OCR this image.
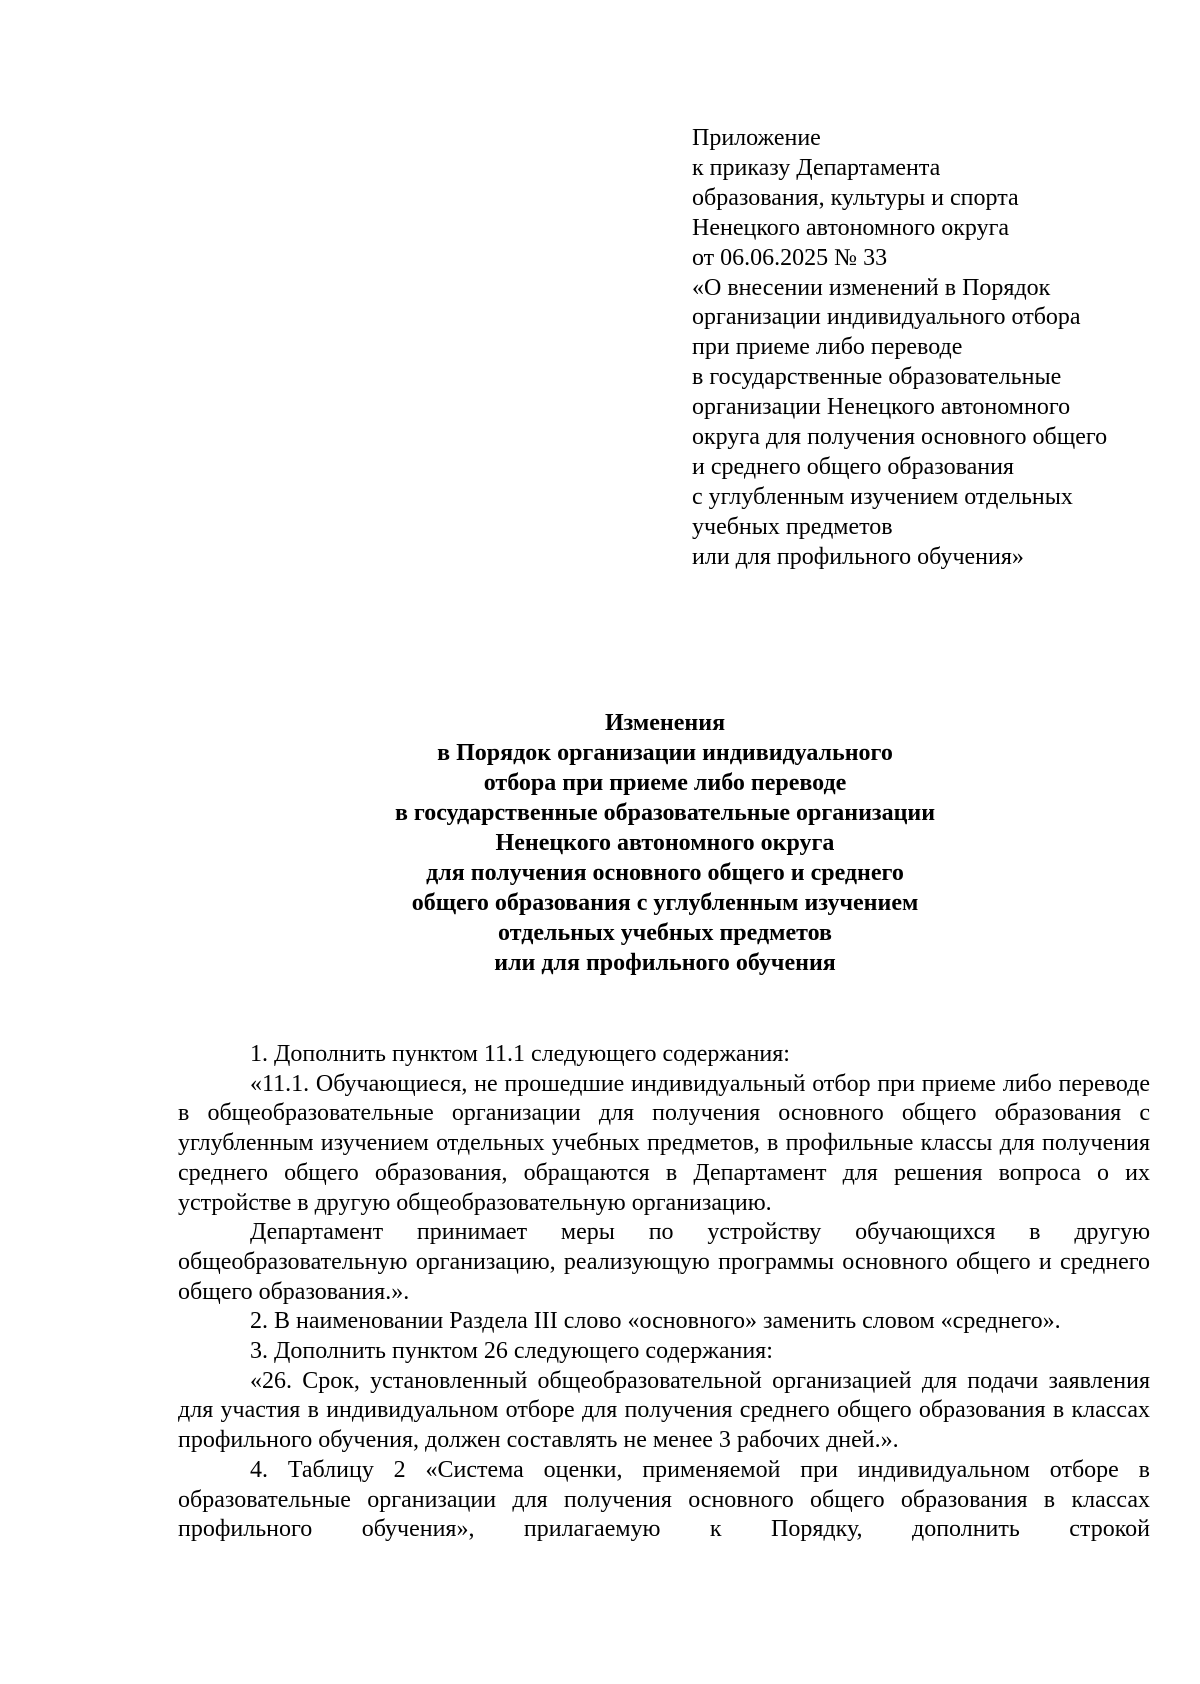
Приложение
к приказу Департамента
образования, культуры и спорта
Ненецкого автономного округа
от 06.06.2025 № 33
«О внесении изменений в Порядок
организации индивидуального отбора
при приеме либо переводе
в государственные образовательные
организации Ненецкого автономного
округа для получения основного общего
и среднего общего образования
с углубленным изучением отдельных
учебных предметов
или для профильного обучения»
Изменения
в Порядок организации индивидуального
отбора при приеме либо переводе
в государственные образовательные организации
Ненецкого автономного округа
для получения основного общего и среднего
общего образования с углубленным изучением
отдельных учебных предметов
или для профильного обучения

1. Дополнить пунктом 11.1 следующего содержания:

«11.1. Обучающиеся, не прошедшие индивидуальный отбор при приеме либо переводе в общеобразовательные организации для получения основного общего образования с углубленным изучением отдельных учебных предметов, в профильные классы для получения среднего общего образования, обращаются в Департамент для решения вопроса о их устройстве в другую общеобразовательную организацию.

Департамент принимает меры по устройству обучающихся в другую общеобразовательную организацию, реализующую программы основного общего и среднего общего образования.».

2. В наименовании Раздела III слово «основного» заменить словом «среднего».

3. Дополнить пунктом 26 следующего содержания:

«26. Срок, установленный общеобразовательной организацией для подачи заявления для участия в индивидуальном отборе для получения среднего общего образования в классах профильного обучения, должен составлять не менее 3 рабочих дней.».

4. Таблицу 2 «Система оценки, применяемой при индивидуальном отборе в образовательные организации для получения основного общего образования в классах профильного обучения», прилагаемую к Порядку, дополнить строкой
